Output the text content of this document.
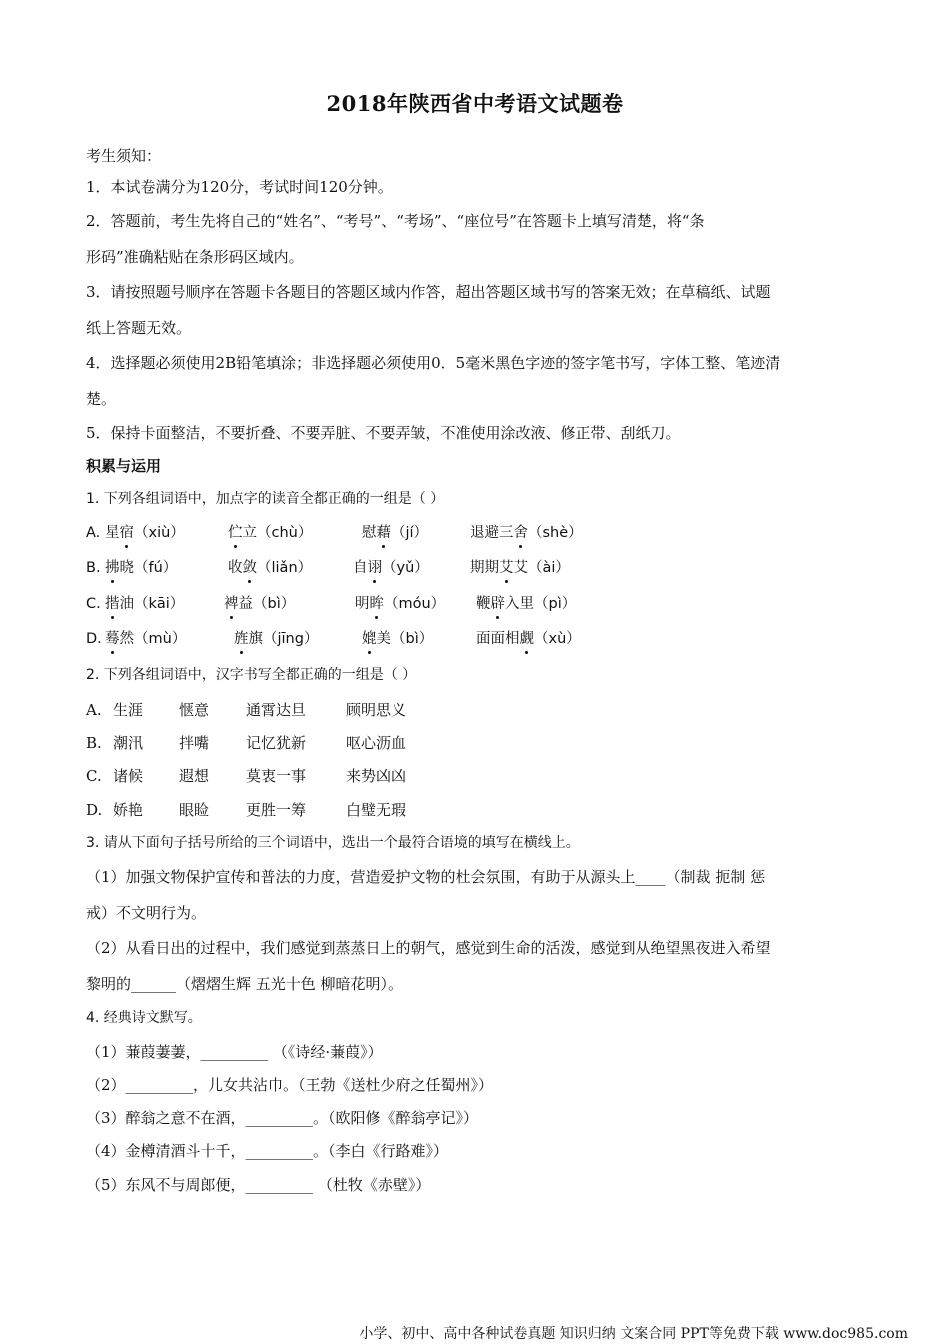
2018年陕西省中考语文试题卷
考生须知：
1．本试卷满分为120分，考试时间120分钟。
2．答题前，考生先将自己的“姓名”、“考号”、“考场”、“座位号”在答题卡上填写清楚，将“条
形码”准确粘贴在条形码区域内。
3．请按照题号顺序在答题卡各题目的答题区域内作答，超出答题区域书写的答案无效；在草稿纸、试题
纸上答题无效。
4．选择题必须使用2B铅笔填涂；非选择题必须使用0．5毫米黑色字迹的签字笔书写，字体工整、笔迹清
楚。
5．保持卡面整洁，不要折叠、不要弄脏、不要弄皱，不准使用涂改液、修正带、刮纸刀。
积累与运用
1. 下列各组词语中，加点字的读音全都正确的一组是（ ）
A. 星宿（xiù）	伫立（chù）	慰藉（jí）	退避三舍（shè）
B. 拂晓（fú）	收敛（liǎn）	自诩（yǔ）	期期艾艾（ài）
C. 揩油（kāi）	裨益（bì）	明眸（móu） 鞭辟入里（pì）
D. 蓦然（mù）	旌旗（jīng）	媲美（bì）	面面相觑（xù）
2. 下列各组词语中，汉字书写全都正确的一组是（ ）
A. 生涯 惬意 通霄达旦	顾明思义
B. 潮汛 拌嘴 记忆犹新	呕心沥血
C. 诸候 遐想 莫衷一事	来势凶凶
D. 娇艳 眼睑 更胜一筹	白璧无瑕
3. 请从下面句子括号所给的三个词语中，选出一个最符合语境的填写在横线上。
（1）加强文物保护宣传和普法的力度，营造爱护文物的杜会氛围，有助于从源头上____（制裁 扼制 惩
戒）不文明行为。
（2）从看日出的过程中，我们感觉到蒸蒸日上的朝气，感觉到生命的活泼，感觉到从绝望黑夜进入希望
黎明的______（熠熠生辉 五光十色 柳暗花明）。
4. 经典诗文默写。
（1）蒹葭萋萋，_________ （《诗经·蒹葭》）
（2）_________，儿女共沾巾。（王勃《送杜少府之任蜀州》）
（3）醉翁之意不在酒，_________。（欧阳修《醉翁亭记》）
（4）金樽清酒斗十千，_________。（李白《行路难》）
（5）东风不与周郎便，_________ （杜牧《赤壁》）
小学、初中、高中各种试卷真题 知识归纳 文案合同 PPT等免费下载 www.doc985.com
